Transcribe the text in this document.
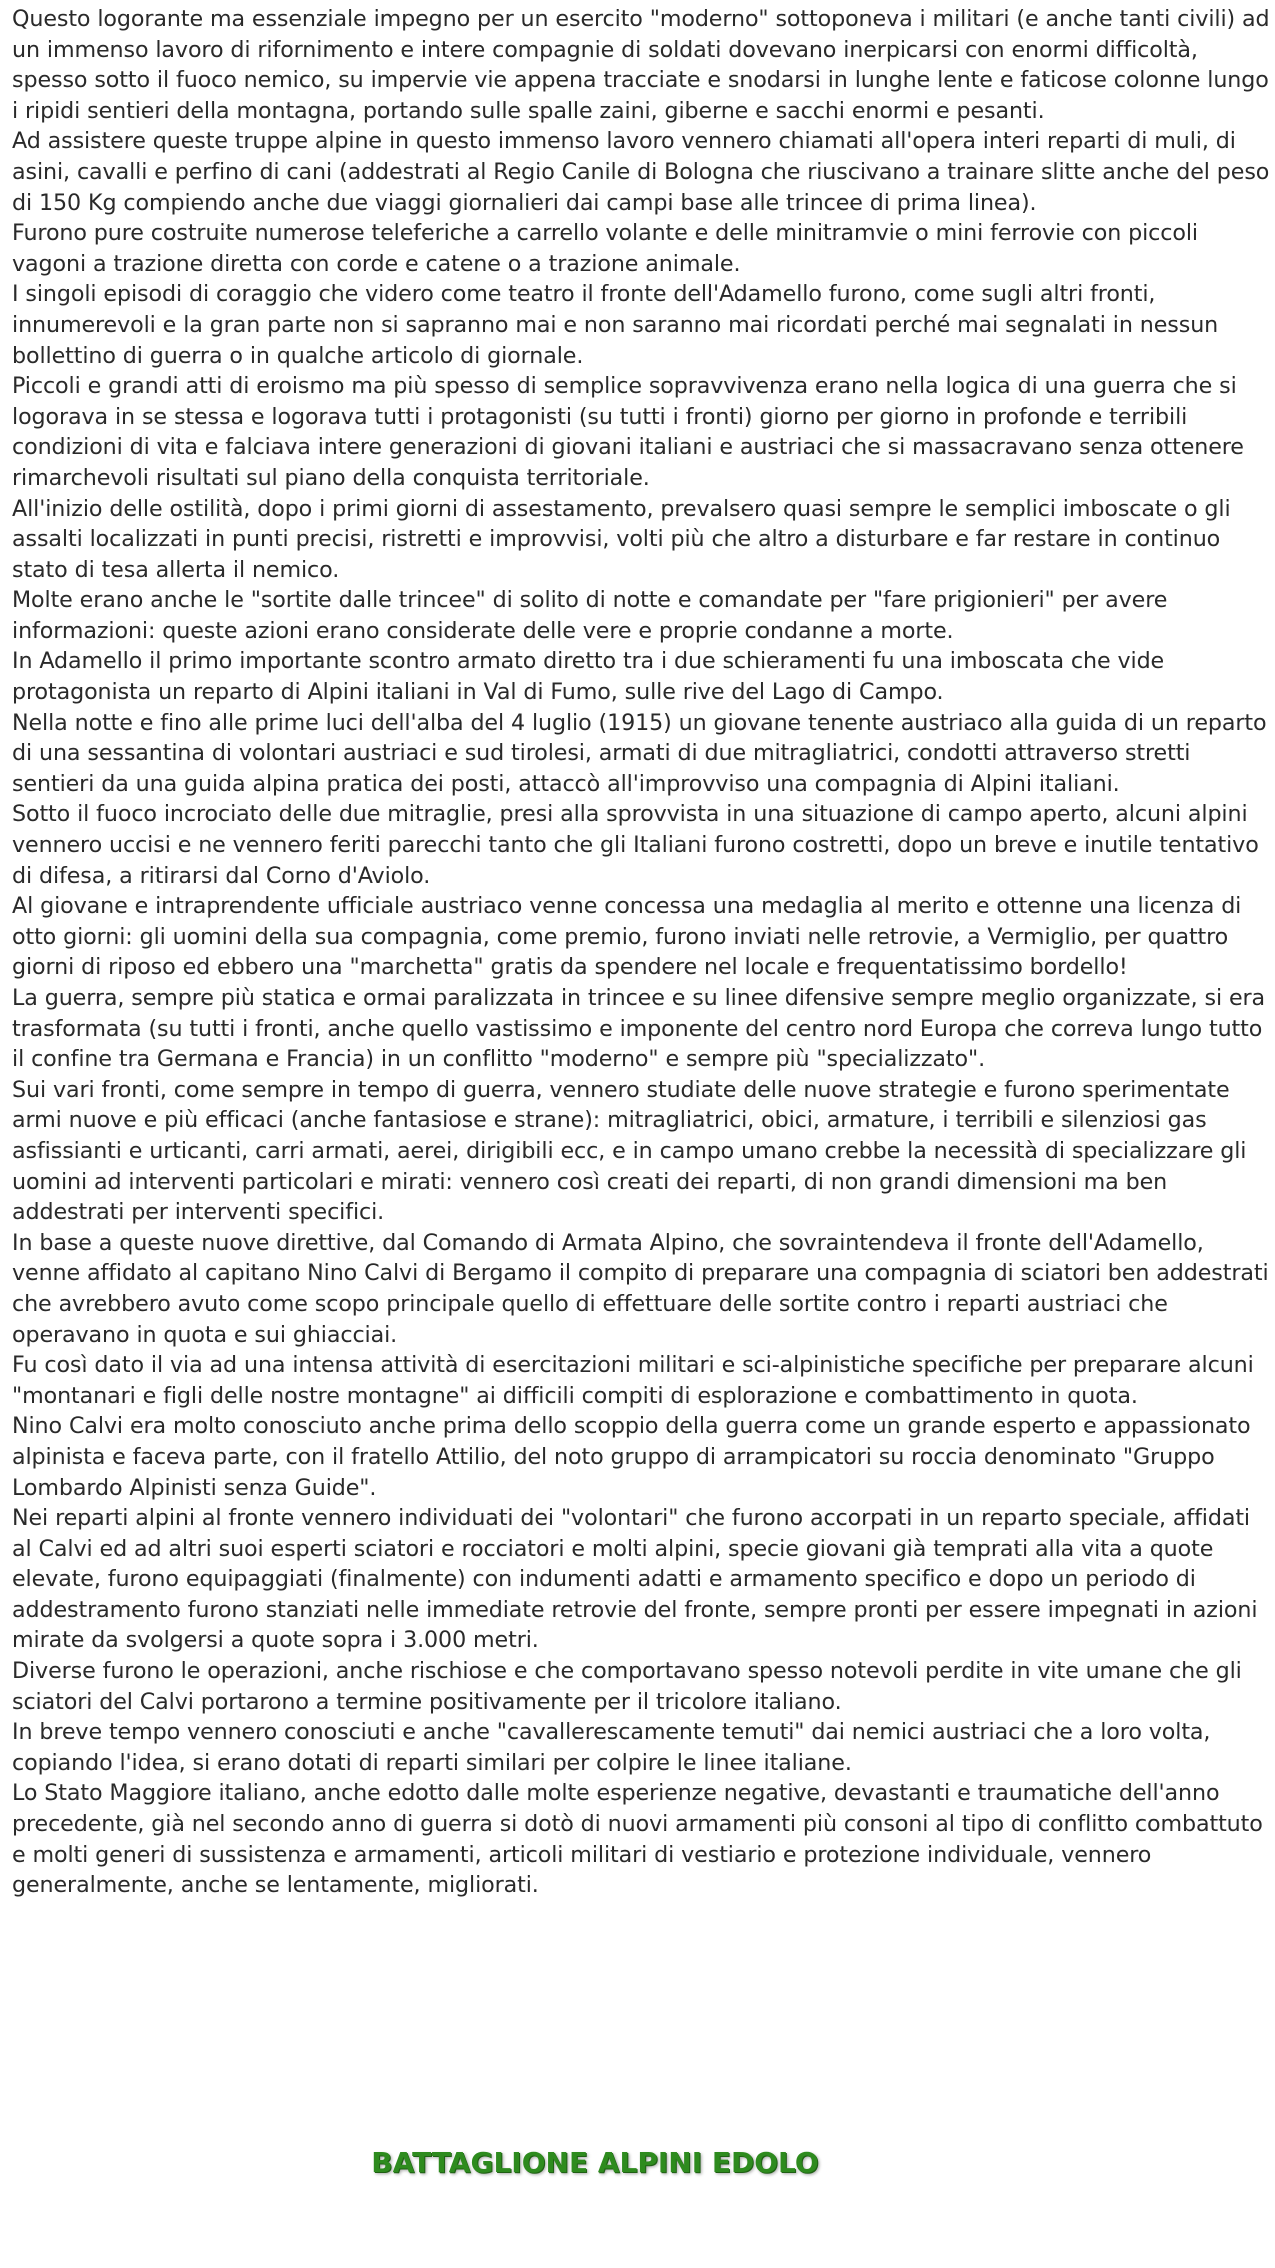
Questo logorante ma essenziale impegno per un esercito "moderno" sottoponeva i militari (e anche tanti civili) ad un immenso lavoro di rifornimento e intere compagnie di soldati dovevano inerpicarsi con enormi difficoltà, spesso sotto il fuoco nemico, su impervie vie appena tracciate e snodarsi in lunghe lente e faticose colonne lungo i ripidi sentieri della montagna, portando sulle spalle zaini, giberne e sacchi enormi e pesanti.

Ad assistere queste truppe alpine in questo immenso lavoro vennero chiamati all'opera interi reparti di muli, di asini, cavalli e perfino di cani (addestrati al Regio Canile di Bologna che riuscivano a trainare slitte anche del peso di 150 Kg compiendo anche due viaggi giornalieri dai campi base alle trincee di prima linea).

Furono pure costruite numerose teleferiche a carrello volante e delle minitramvie o mini ferrovie con piccoli vagoni a trazione diretta con corde e catene o a trazione animale.

I singoli episodi di coraggio che videro come teatro il fronte dell'Adamello furono, come sugli altri fronti, innumerevoli e la gran parte non si sapranno mai e non saranno mai ricordati perché mai segnalati in nessun bollettino di guerra o in qualche articolo di giornale.

Piccoli e grandi atti di eroismo ma più spesso di semplice sopravvivenza erano nella logica di una guerra che si logorava in se stessa e logorava tutti i protagonisti (su tutti i fronti) giorno per giorno in profonde e terribili condizioni di vita e falciava intere generazioni di giovani italiani e austriaci che si massacravano senza ottenere rimarchevoli risultati sul piano della conquista territoriale.

All'inizio delle ostilità, dopo i primi giorni di assestamento, prevalsero quasi sempre le semplici imboscate o gli assalti localizzati in punti precisi, ristretti e improvvisi, volti più che altro a disturbare e far restare in continuo stato di tesa allerta il nemico.

Molte erano anche le "sortite dalle trincee" di solito di notte e comandate per "fare prigionieri" per avere informazioni: queste azioni erano considerate delle vere e proprie condanne a morte.

In Adamello il primo importante scontro armato diretto tra i due schieramenti fu una imboscata che vide protagonista un reparto di Alpini italiani in Val di Fumo, sulle rive del Lago di Campo.

Nella notte e fino alle prime luci dell'alba del 4 luglio (1915) un giovane tenente austriaco alla guida di un reparto di una sessantina di volontari austriaci e sud tirolesi, armati di due mitragliatrici, condotti attraverso stretti sentieri da una guida alpina pratica dei posti, attaccò all'improvviso una compagnia di Alpini italiani.

Sotto il fuoco incrociato delle due mitraglie, presi alla sprovvista in una situazione di campo aperto, alcuni alpini vennero uccisi e ne vennero feriti parecchi tanto che gli Italiani furono costretti, dopo un breve e inutile tentativo di difesa, a ritirarsi dal Corno d'Aviolo.

Al giovane e intraprendente ufficiale austriaco venne concessa una medaglia al merito e ottenne una licenza di otto giorni: gli uomini della sua compagnia, come premio, furono inviati nelle retrovie, a Vermiglio, per quattro giorni di riposo ed ebbero una "marchetta" gratis da spendere nel locale e frequentatissimo bordello!

La guerra, sempre più statica e ormai paralizzata in trincee e su linee difensive sempre meglio organizzate, si era trasformata (su tutti i fronti, anche quello vastissimo e imponente del centro nord Europa che correva lungo tutto il confine tra Germana e Francia) in un conflitto "moderno" e sempre più "specializzato".

Sui vari fronti, come sempre in tempo di guerra, vennero studiate delle nuove strategie e furono sperimentate armi nuove e più efficaci (anche fantasiose e strane): mitragliatrici, obici, armature, i terribili e silenziosi gas asfissianti e urticanti, carri armati, aerei, dirigibili ecc, e in campo umano crebbe la necessità di specializzare gli uomini ad interventi particolari e mirati: vennero così creati dei reparti, di non grandi dimensioni ma ben addestrati per interventi specifici.

In base a queste nuove direttive, dal Comando di Armata Alpino, che sovraintendeva il fronte dell'Adamello, venne affidato al capitano Nino Calvi di Bergamo il compito di preparare una compagnia di sciatori ben addestrati che avrebbero avuto come scopo principale quello di effettuare delle sortite contro i reparti austriaci che operavano in quota e sui ghiacciai.

Fu così dato il via ad una intensa attività di esercitazioni militari e sci-alpinistiche specifiche per preparare alcuni "montanari e figli delle nostre montagne" ai difficili compiti di esplorazione e combattimento in quota.

Nino Calvi era molto conosciuto anche prima dello scoppio della guerra come un grande esperto e appassionato alpinista e faceva parte, con il fratello Attilio, del noto gruppo di arrampicatori su roccia denominato "Gruppo Lombardo Alpinisti senza Guide".

Nei reparti alpini al fronte vennero individuati dei "volontari" che furono accorpati in un reparto speciale, affidati al Calvi ed ad altri suoi esperti sciatori e rocciatori e molti alpini, specie giovani già temprati alla vita a quote elevate, furono equipaggiati (finalmente) con indumenti adatti e armamento specifico e dopo un periodo di addestramento furono stanziati nelle immediate retrovie del fronte, sempre pronti per essere impegnati in azioni mirate da svolgersi a quote sopra i 3.000 metri.

Diverse furono le operazioni, anche rischiose e che comportavano spesso notevoli perdite in vite umane che gli sciatori del Calvi portarono a termine positivamente per il tricolore italiano.

In breve tempo vennero conosciuti e anche "cavallerescamente temuti" dai nemici austriaci che a loro volta, copiando l'idea, si erano dotati di reparti similari per colpire le linee italiane.

Lo Stato Maggiore italiano, anche edotto dalle molte esperienze negative, devastanti e traumatiche dell'anno precedente, già nel secondo anno di guerra si dotò di nuovi armamenti più consoni al tipo di conflitto combattuto e molti generi di sussistenza e armamenti, articoli militari di vestiario e protezione individuale, vennero generalmente, anche se lentamente, migliorati.

BATTAGLIONE ALPINI EDOLO
